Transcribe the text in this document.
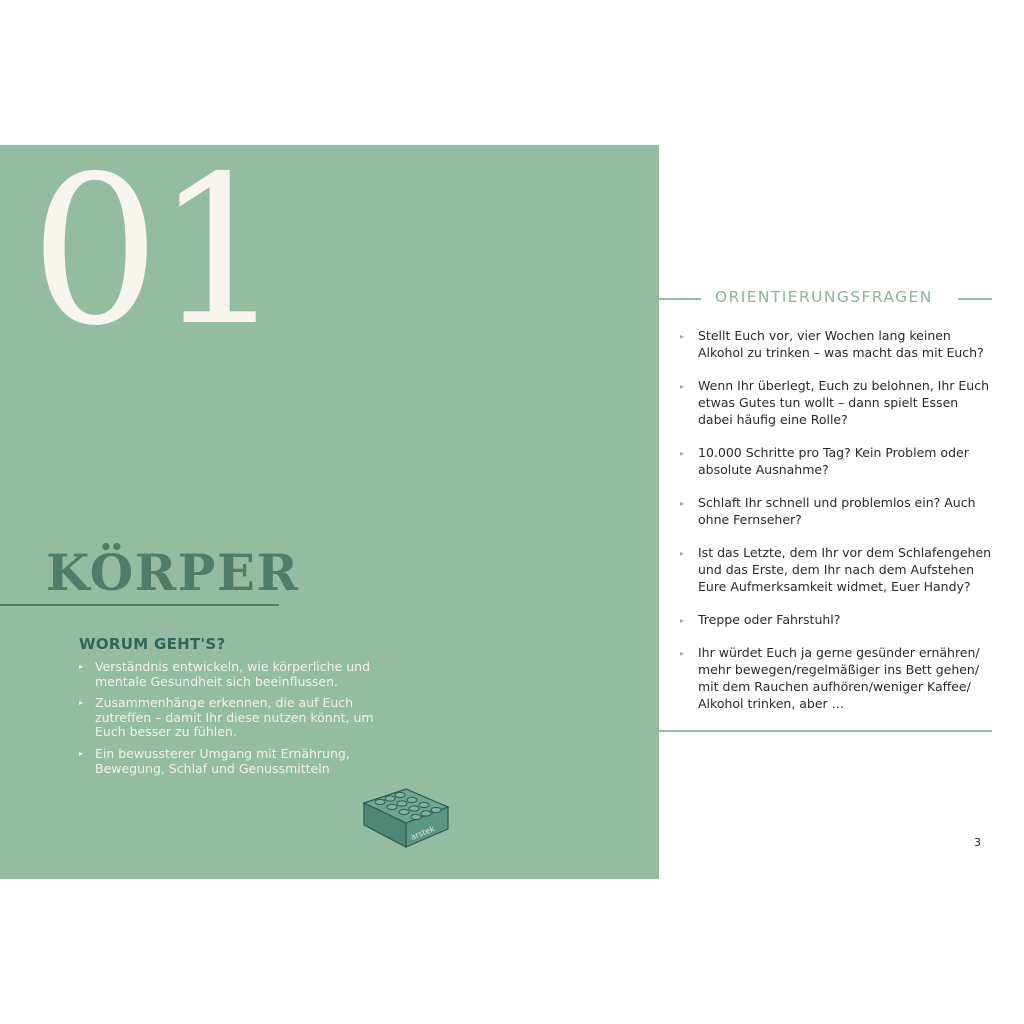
01
KÖRPER
WORUM GEHT'S?
▸ Verständnis entwickeln, wie körperliche und mentale Gesundheit sich beeinflussen.
▸ Zusammenhänge erkennen, die auf Euch zutreffen – damit Ihr diese nutzen könnt, um Euch besser zu fühlen.
▸ Ein bewussterer Umgang mit Ernährung, Bewegung, Schlaf und Genussmitteln
arstek
ORIENTIERUNGSFRAGEN
▸ Stellt Euch vor, vier Wochen lang keinen Alkohol zu trinken – was macht das mit Euch?
▸ Wenn Ihr überlegt, Euch zu belohnen, Ihr Euch etwas Gutes tun wollt – dann spielt Essen dabei häufig eine Rolle?
▸ 10.000 Schritte pro Tag? Kein Problem oder absolute Ausnahme?
▸ Schlaft Ihr schnell und problemlos ein? Auch ohne Fernseher?
▸ Ist das Letzte, dem Ihr vor dem Schlafengehen und das Erste, dem Ihr nach dem Aufstehen Eure Aufmerksamkeit widmet, Euer Handy?
▸ Treppe oder Fahrstuhl?
▸ Ihr würdet Euch ja gerne gesünder ernähren/ mehr bewegen/regelmäßiger ins Bett gehen/ mit dem Rauchen aufhören/weniger Kaffee/ Alkohol trinken, aber …
3
